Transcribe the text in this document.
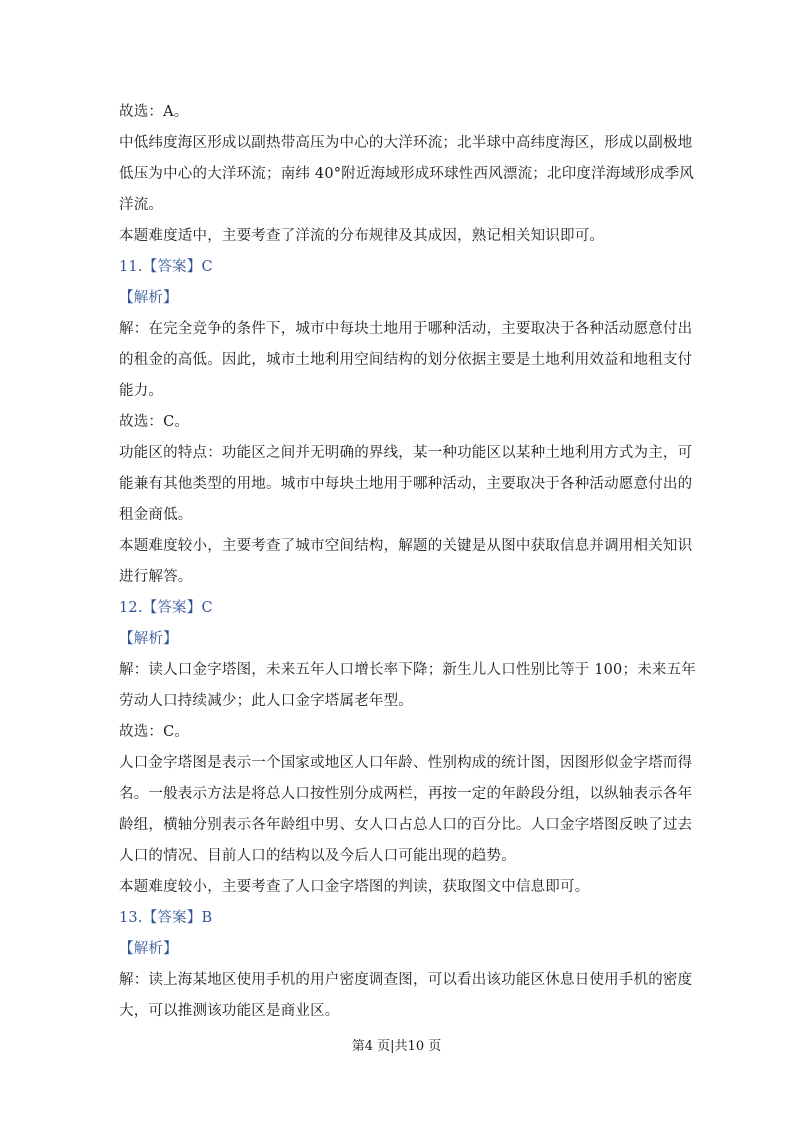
故选：A。

中低纬度海区形成以副热带高压为中心的大洋环流；北半球中高纬度海区，形成以副极地

低压为中心的大洋环流；南纬 40°附近海域形成环球性西风漂流；北印度洋海域形成季风

洋流。

本题难度适中，主要考查了洋流的分布规律及其成因，熟记相关知识即可。

11.【答案】C

【解析】

解：在完全竞争的条件下，城市中每块土地用于哪种活动，主要取决于各种活动愿意付出

的租金的高低。因此，城市土地利用空间结构的划分依据主要是土地利用效益和地租支付

能力。

故选：C。

功能区的特点：功能区之间并无明确的界线，某一种功能区以某种土地利用方式为主，可

能兼有其他类型的用地。城市中每块土地用于哪种活动，主要取决于各种活动愿意付出的

租金商低。

本题难度较小，主要考查了城市空间结构，解题的关键是从图中获取信息并调用相关知识

进行解答。

12.【答案】C

【解析】

解：读人口金字塔图，未来五年人口增长率下降；新生儿人口性别比等于 100；未来五年

劳动人口持续减少；此人口金字塔属老年型。

故选：C。

人口金字塔图是表示一个国家或地区人口年龄、性别构成的统计图，因图形似金字塔而得

名。一般表示方法是将总人口按性别分成两栏，再按一定的年龄段分组，以纵轴表示各年

龄组，横轴分别表示各年龄组中男、女人口占总人口的百分比。人口金字塔图反映了过去

人口的情况、目前人口的结构以及今后人口可能出现的趋势。

本题难度较小，主要考查了人口金字塔图的判读，获取图文中信息即可。

13.【答案】B

【解析】

解：读上海某地区使用手机的用户密度调查图，可以看出该功能区休息日使用手机的密度

大，可以推测该功能区是商业区。

第4 页|共10 页
